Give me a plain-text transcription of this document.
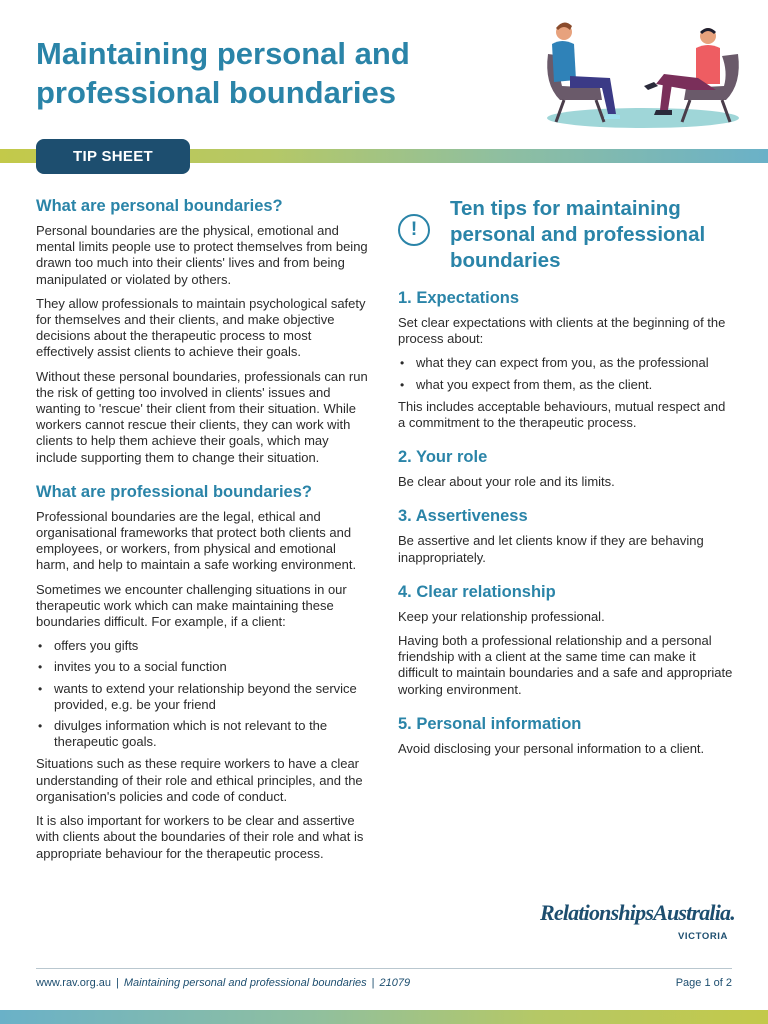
Maintaining personal and professional boundaries
TIP SHEET
What are personal boundaries?

Personal boundaries are the physical, emotional and mental limits people use to protect themselves from being drawn too much into their clients' lives and from being manipulated or violated by others.

They allow professionals to maintain psychological safety for themselves and their clients, and make objective decisions about the therapeutic process to most effectively assist clients to achieve their goals.

Without these personal boundaries, professionals can run the risk of getting too involved in clients' issues and wanting to 'rescue' their client from their situation. While workers cannot rescue their clients, they can work with clients to help them achieve their goals, which may include supporting them to change their situation.

What are professional boundaries?

Professional boundaries are the legal, ethical and organisational frameworks that protect both clients and employees, or workers, from physical and emotional harm, and help to maintain a safe working environment.

Sometimes we encounter challenging situations in our therapeutic work which can make maintaining these boundaries difficult. For example, if a client:

• offers you gifts
• invites you to a social function
• wants to extend your relationship beyond the service provided, e.g. be your friend
• divulges information which is not relevant to the therapeutic goals.

Situations such as these require workers to have a clear understanding of their role and ethical principles, and the organisation's policies and code of conduct.

It is also important for workers to be clear and assertive with clients about the boundaries of their role and what is appropriate behaviour for the therapeutic process.

!
Ten tips for maintaining personal and professional boundaries
1. Expectations

Set clear expectations with clients at the beginning of the process about:

• what they can expect from you, as the professional
• what you expect from them, as the client.

This includes acceptable behaviours, mutual respect and a commitment to the therapeutic process.

2. Your role

Be clear about your role and its limits.

3. Assertiveness

Be assertive and let clients know if they are behaving inappropriately.

4. Clear relationship

Keep your relationship professional.

Having both a professional relationship and a personal friendship with a client at the same time can make it difficult to maintain boundaries and a safe and appropriate working environment.

5. Personal information

Avoid disclosing your personal information to a client.

RelationshipsAustralia.
VICTORIA
www.rav.org.au | Maintaining personal and professional boundaries | 21079	Page 1 of 2
